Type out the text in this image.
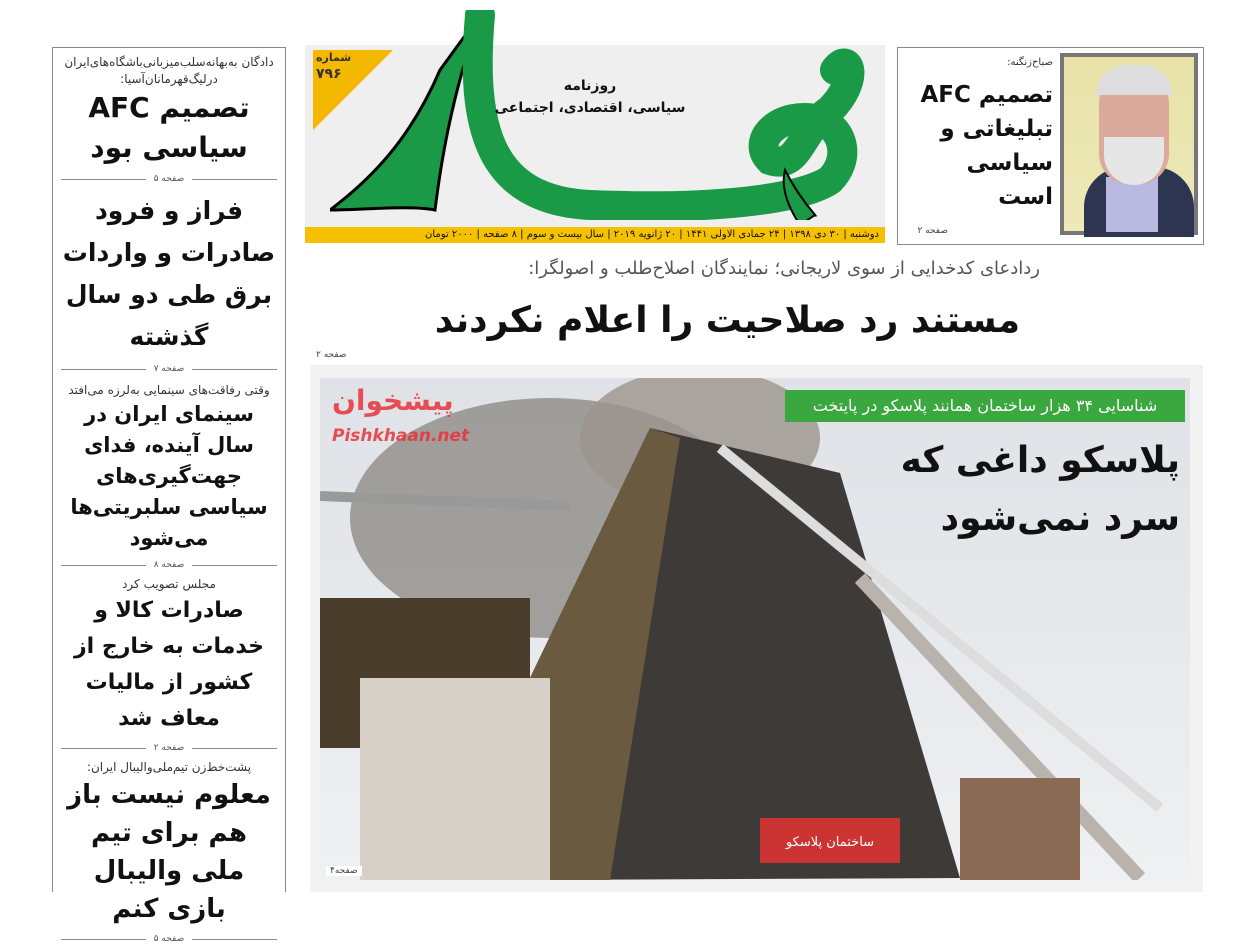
دادگان به‌بهانه‌سلب‌میزبانی‌باشگاه‌های‌ایران درلیگ‌قهرمانان‌آسیا:
تصمیم AFC سیاسی بود
صفحه ۵
فراز و فرود صادرات و واردات برق طی دو سال گذشته
صفحه ۷
وقتی رفاقت‌های سینمایی به‌لرزه می‌افتد
سینمای ایران در سال آینده، فدای جهت‌گیری‌های سیاسی سلبریتی‌ها می‌شود
صفحه ۸
مجلس تصویب کرد
صادرات کالا و خدمات به خارج از کشور از مالیات معاف شد
صفحه ۲
پشت‌خط‌زن تیم‌ملی‌والیبال ایران:
معلوم نیست باز هم برای تیم ملی والیبال بازی کنم
صفحه ۵
شماره
۷۹۶
روزنامه
سیاسی، اقتصادی، اجتماعی
دوشنبه | ۳۰ دی ۱۳۹۸ | ۲۴ جمادی الاولی ۱۴۴۱ | ۲۰ ژانویه ۲۰۱۹ | سال بیست و سوم | ۸ صفحه | ۲۰۰۰ تومان
صباح‌زنگنه:
تصمیم AFC تبلیغاتی و سیاسی است
صفحه ۲
ردادعای کدخدایی از سوی لاریجانی؛ نمایندگان اصلاح‌طلب و اصولگرا:
مستند رد صلاحیت را اعلام نکردند
صفحه ۲
ساختمان پلاسکو
پیشخوان
Pishkhaan.net
شناسایی ۳۴ هزار ساختمان همانند پلاسکو در پایتخت
پلاسکو داغی که
سرد نمی‌شود
صفحه۴
